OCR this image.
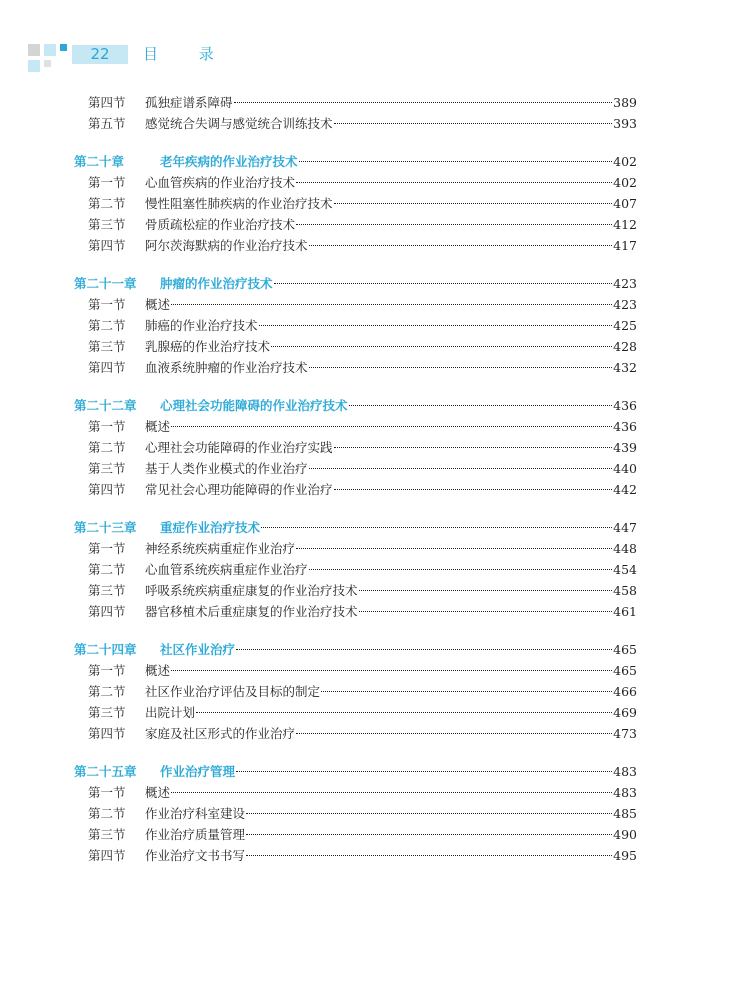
22	目 录
第四节	孤独症谱系障碍	389
第五节	感觉统合失调与感觉统合训练技术	393
第二十章	老年疾病的作业治疗技术	402
第一节	心血管疾病的作业治疗技术	402
第二节	慢性阻塞性肺疾病的作业治疗技术	407
第三节	骨质疏松症的作业治疗技术	412
第四节	阿尔茨海默病的作业治疗技术	417
第二十一章	肿瘤的作业治疗技术	423
第一节	概述	423
第二节	肺癌的作业治疗技术	425
第三节	乳腺癌的作业治疗技术	428
第四节	血液系统肿瘤的作业治疗技术	432
第二十二章	心理社会功能障碍的作业治疗技术	436
第一节	概述	436
第二节	心理社会功能障碍的作业治疗实践	439
第三节	基于人类作业模式的作业治疗	440
第四节	常见社会心理功能障碍的作业治疗	442
第二十三章	重症作业治疗技术	447
第一节	神经系统疾病重症作业治疗	448
第二节	心血管系统疾病重症作业治疗	454
第三节	呼吸系统疾病重症康复的作业治疗技术	458
第四节	器官移植术后重症康复的作业治疗技术	461
第二十四章	社区作业治疗	465
第一节	概述	465
第二节	社区作业治疗评估及目标的制定	466
第三节	出院计划	469
第四节	家庭及社区形式的作业治疗	473
第二十五章	作业治疗管理	483
第一节	概述	483
第二节	作业治疗科室建设	485
第三节	作业治疗质量管理	490
第四节	作业治疗文书书写	495
